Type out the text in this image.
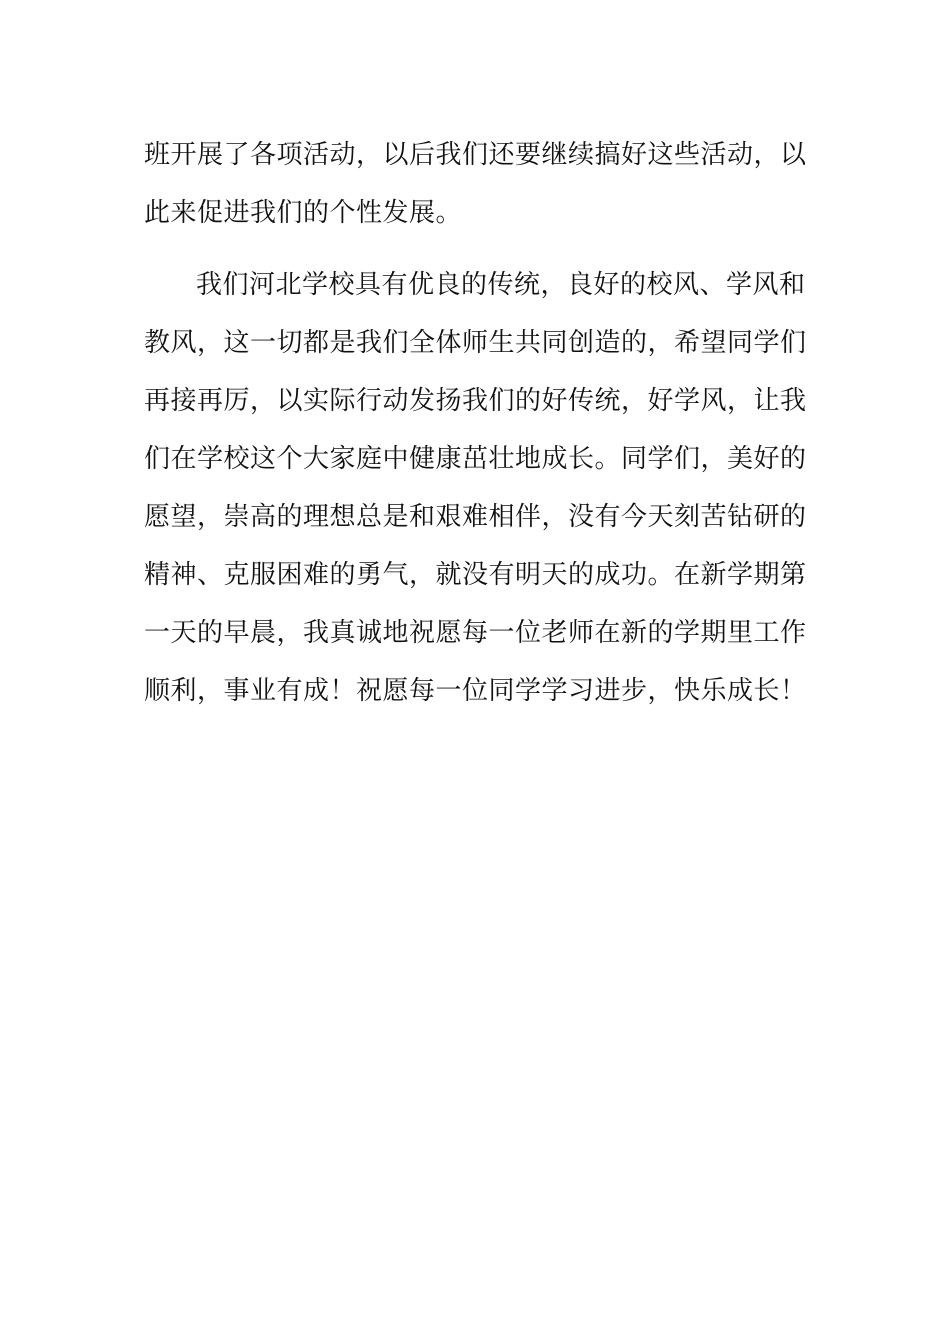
班开展了各项活动，以后我们还要继续搞好这些活动，以
此来促进我们的个性发展。
我们河北学校具有优良的传统，良好的校风、学风和
教风，这一切都是我们全体师生共同创造的，希望同学们
再接再厉，以实际行动发扬我们的好传统，好学风，让我
们在学校这个大家庭中健康茁壮地成长。同学们，美好的
愿望，崇高的理想总是和艰难相伴，没有今天刻苦钻研的
精神、克服困难的勇气，就没有明天的成功。在新学期第
一天的早晨，我真诚地祝愿每一位老师在新的学期里工作
顺利，事业有成！祝愿每一位同学学习进步，快乐成长！
